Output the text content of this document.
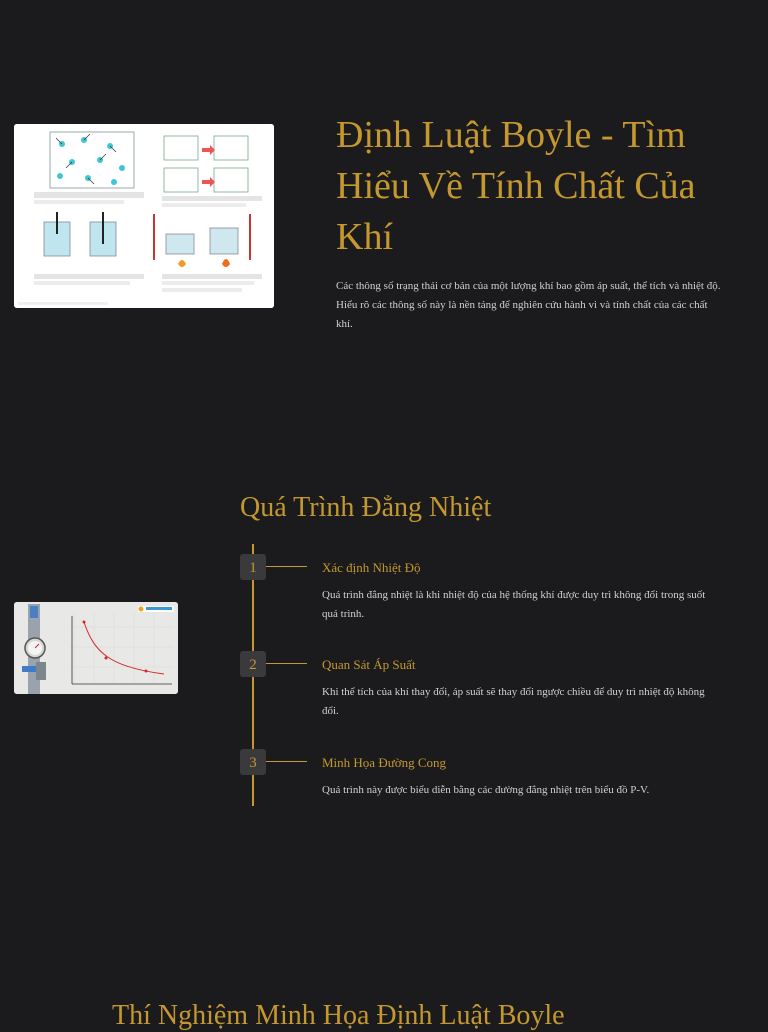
Định Luật Boyle - Tìm Hiểu Về Tính Chất Của Khí

Các thông số trạng thái cơ bản của một lượng khí bao gồm áp suất, thể tích và nhiệt độ. Hiểu rõ các thông số này là nền tảng để nghiên cứu hành vi và tính chất của các chất khí.

Quá Trình Đẳng Nhiệt
1	Xác định Nhiệt Độ

Quá trình đẳng nhiệt là khi nhiệt độ của hệ thống khí được duy trì không đổi trong suốt quá trình.

2	Quan Sát Áp Suất

Khi thể tích của khí thay đổi, áp suất sẽ thay đổi ngược chiều để duy trì nhiệt độ không đổi.

3	Minh Họa Đường Cong

Quá trình này được biểu diễn bằng các đường đẳng nhiệt trên biểu đồ P-V.

Thí Nghiệm Minh Họa Định Luật Boyle
